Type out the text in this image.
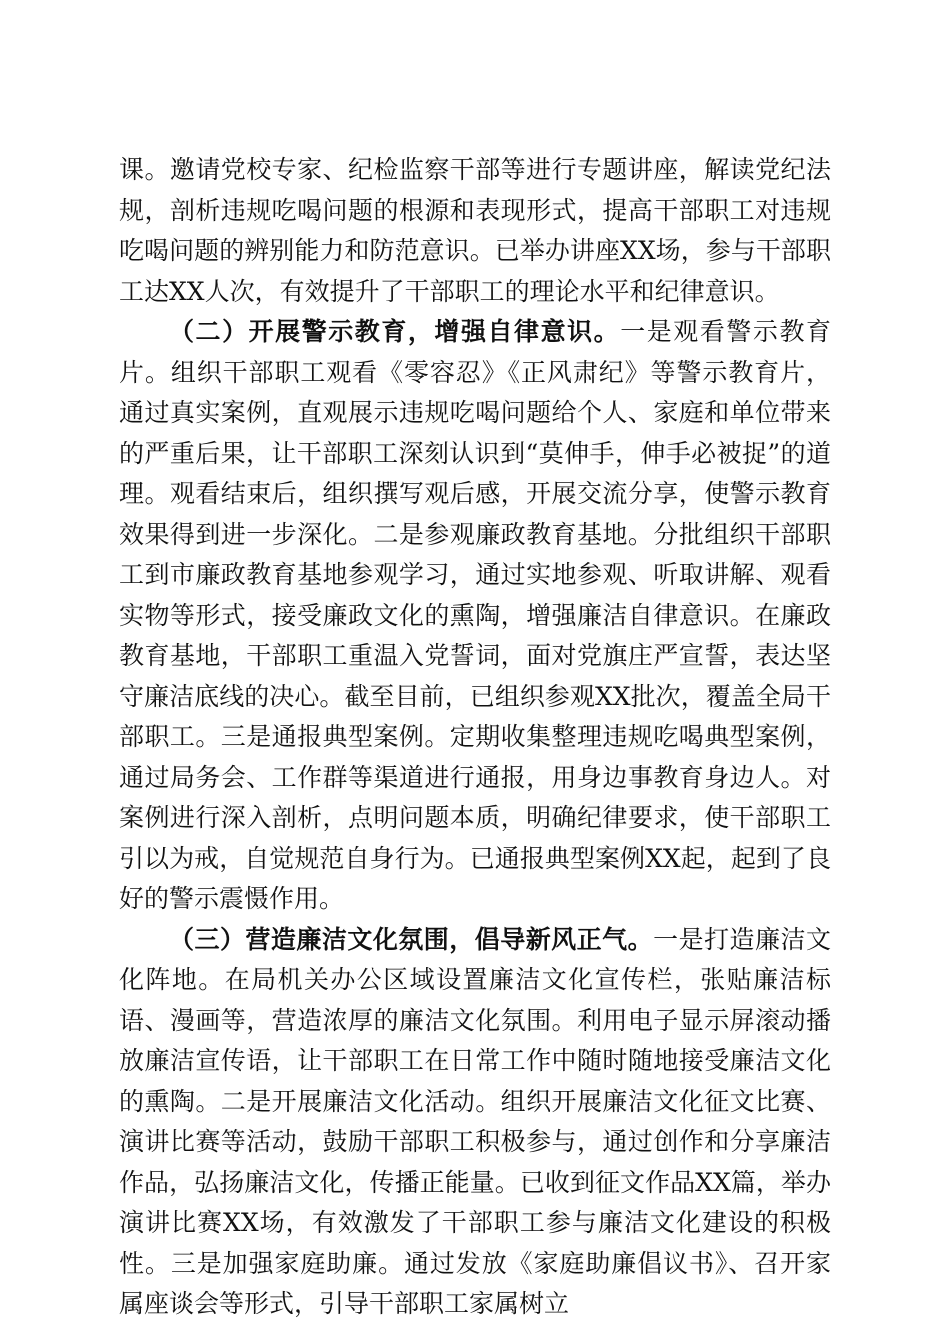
课。邀请党校专家、纪检监察干部等进行专题讲座，解读党纪法规，剖析违规吃喝问题的根源和表现形式，提高干部职工对违规吃喝问题的辨别能力和防范意识。已举办讲座XX场，参与干部职工达XX人次，有效提升了干部职工的理论水平和纪律意识。

（二）开展警示教育，增强自律意识。一是观看警示教育片。组织干部职工观看《零容忍》《正风肃纪》等警示教育片，通过真实案例，直观展示违规吃喝问题给个人、家庭和单位带来的严重后果，让干部职工深刻认识到“莫伸手，伸手必被捉”的道理。观看结束后，组织撰写观后感，开展交流分享，使警示教育效果得到进一步深化。二是参观廉政教育基地。分批组织干部职工到市廉政教育基地参观学习，通过实地参观、听取讲解、观看实物等形式，接受廉政文化的熏陶，增强廉洁自律意识。在廉政教育基地，干部职工重温入党誓词，面对党旗庄严宣誓，表达坚守廉洁底线的决心。截至目前，已组织参观XX批次，覆盖全局干部职工。三是通报典型案例。定期收集整理违规吃喝典型案例，通过局务会、工作群等渠道进行通报，用身边事教育身边人。对案例进行深入剖析，点明问题本质，明确纪律要求，使干部职工引以为戒，自觉规范自身行为。已通报典型案例XX起，起到了良好的警示震慑作用。

（三）营造廉洁文化氛围，倡导新风正气。一是打造廉洁文化阵地。在局机关办公区域设置廉洁文化宣传栏，张贴廉洁标语、漫画等，营造浓厚的廉洁文化氛围。利用电子显示屏滚动播放廉洁宣传语，让干部职工在日常工作中随时随地接受廉洁文化的熏陶。二是开展廉洁文化活动。组织开展廉洁文化征文比赛、演讲比赛等活动，鼓励干部职工积极参与，通过创作和分享廉洁作品，弘扬廉洁文化，传播正能量。已收到征文作品XX篇，举办演讲比赛XX场，有效激发了干部职工参与廉洁文化建设的积极性。三是加强家庭助廉。通过发放《家庭助廉倡议书》、召开家属座谈会等形式，引导干部职工家属树立
